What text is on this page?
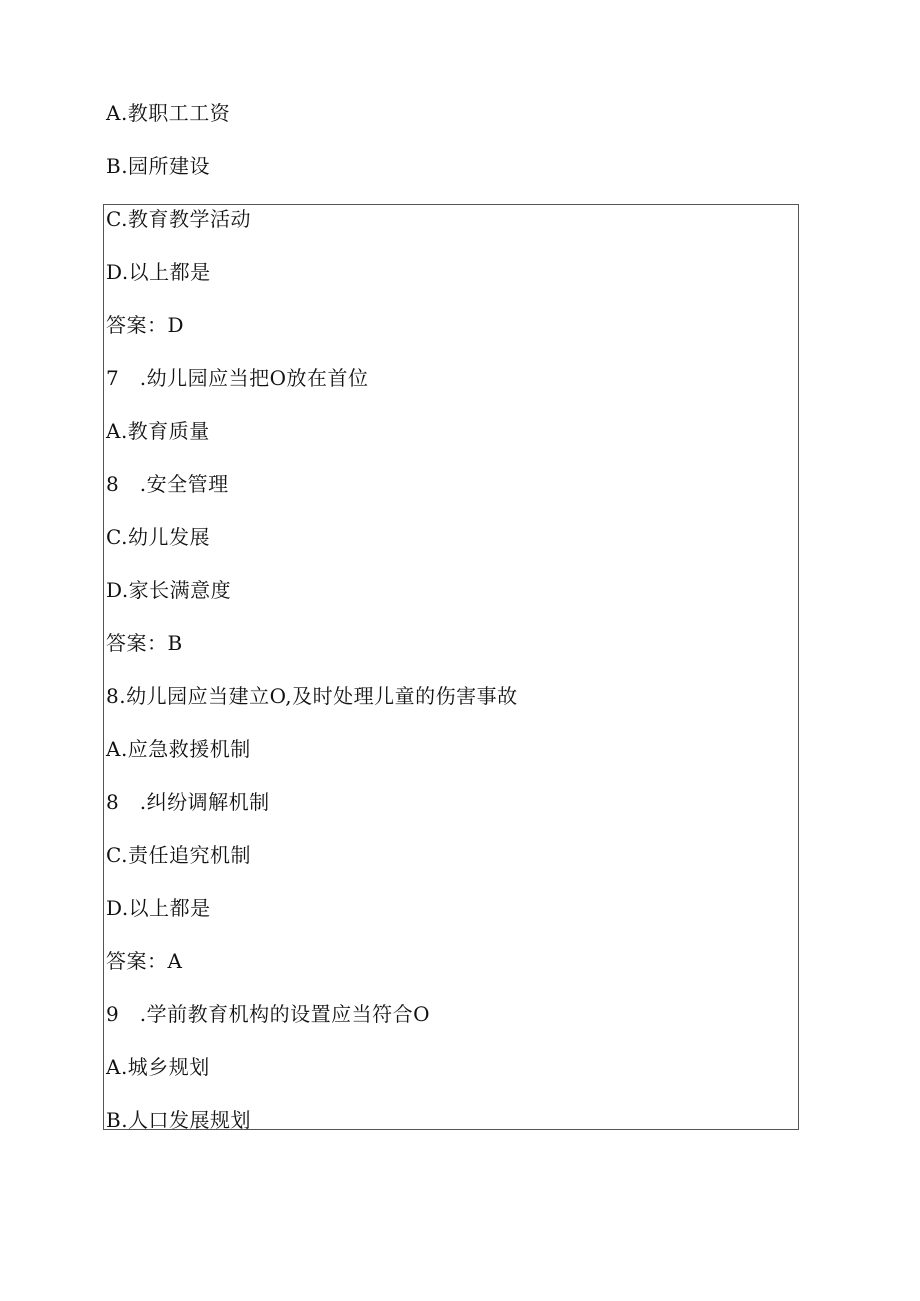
A.教职工工资
B.园所建设
C.教育教学活动
D.以上都是
答案：D
7　.幼儿园应当把O放在首位
A.教育质量
8　.安全管理
C.幼儿发展
D.家长满意度
答案：B
8.幼儿园应当建立O,及时处理儿童的伤害事故
A.应急救援机制
8　.纠纷调解机制
C.责任追究机制
D.以上都是
答案：A
9　.学前教育机构的设置应当符合O
A.城乡规划
B.人口发展规划
